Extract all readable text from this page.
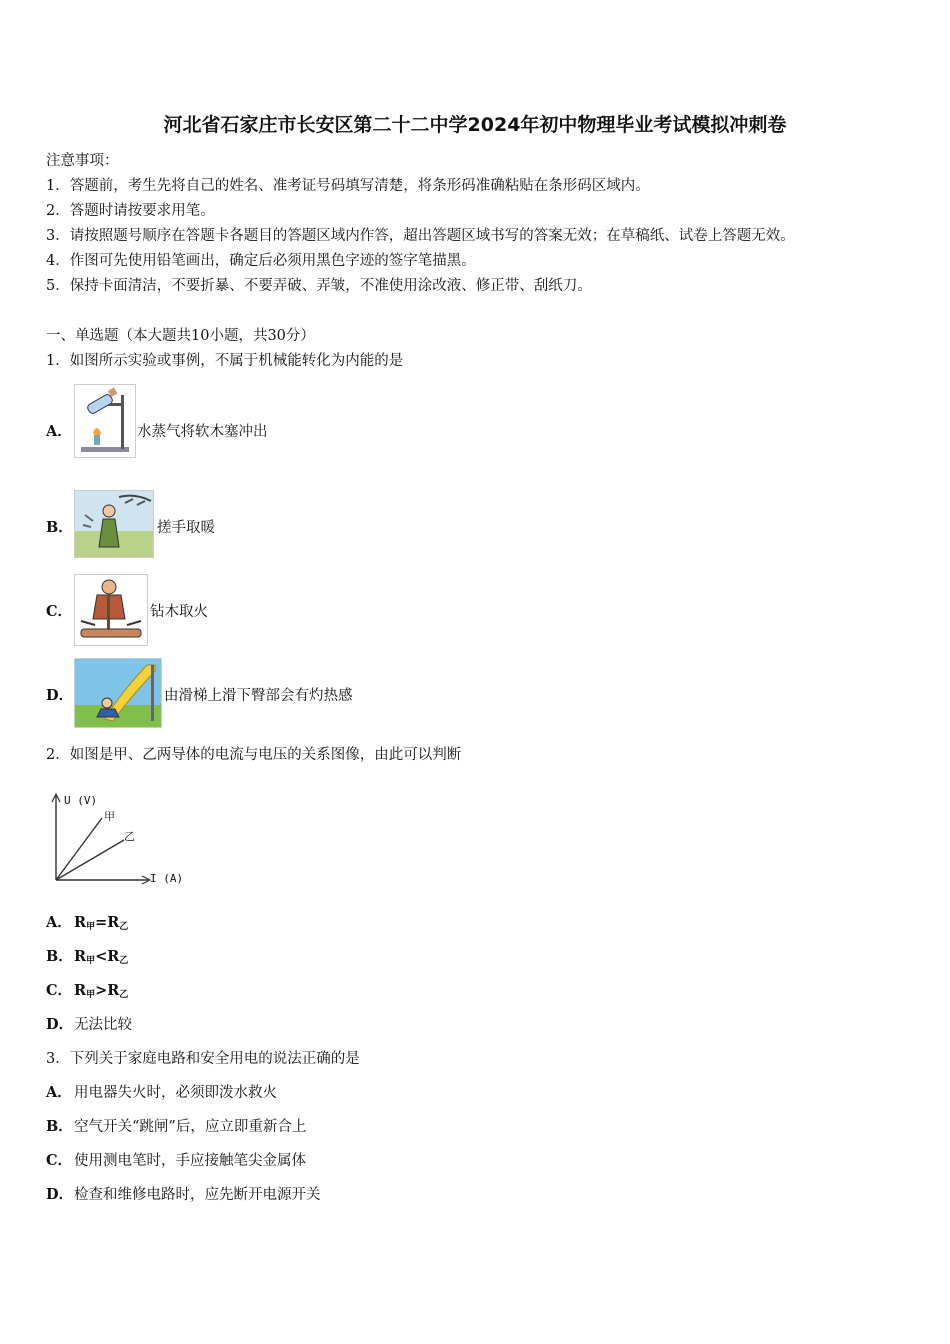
河北省石家庄市长安区第二十二中学2024年初中物理毕业考试模拟冲刺卷
注意事项：
1．答题前，考生先将自己的姓名、准考证号码填写清楚，将条形码准确粘贴在条形码区域内。
2．答题时请按要求用笔。
3．请按照题号顺序在答题卡各题目的答题区域内作答，超出答题区域书写的答案无效；在草稿纸、试卷上答题无效。
4．作图可先使用铅笔画出，确定后必须用黑色字迹的签字笔描黑。
5．保持卡面清洁，不要折暴、不要弄破、弄皱，不准使用涂改液、修正带、刮纸刀。
一、单选题（本大题共10小题，共30分）
1．如图所示实验或事例，不属于机械能转化为内能的是
A．	水蒸气将软木塞冲出
B．	搓手取暖
C．	钻木取火
D．	由滑梯上滑下臀部会有灼热感
2．如图是甲、乙两导体的电流与电压的关系图像，由此可以判断
U (V)
I (A)
甲
乙
A． $R_甲=R_乙$
B． $R_甲<R_乙$
C． $R_甲>R_乙$
D． 无法比较
3．下列关于家庭电路和安全用电的说法正确的是
A． 用电器失火时，必须即泼水救火
B． 空气开关“跳闸”后，应立即重新合上
C． 使用测电笔时，手应接触笔尖金属体
D． 检查和维修电路时，应先断开电源开关
